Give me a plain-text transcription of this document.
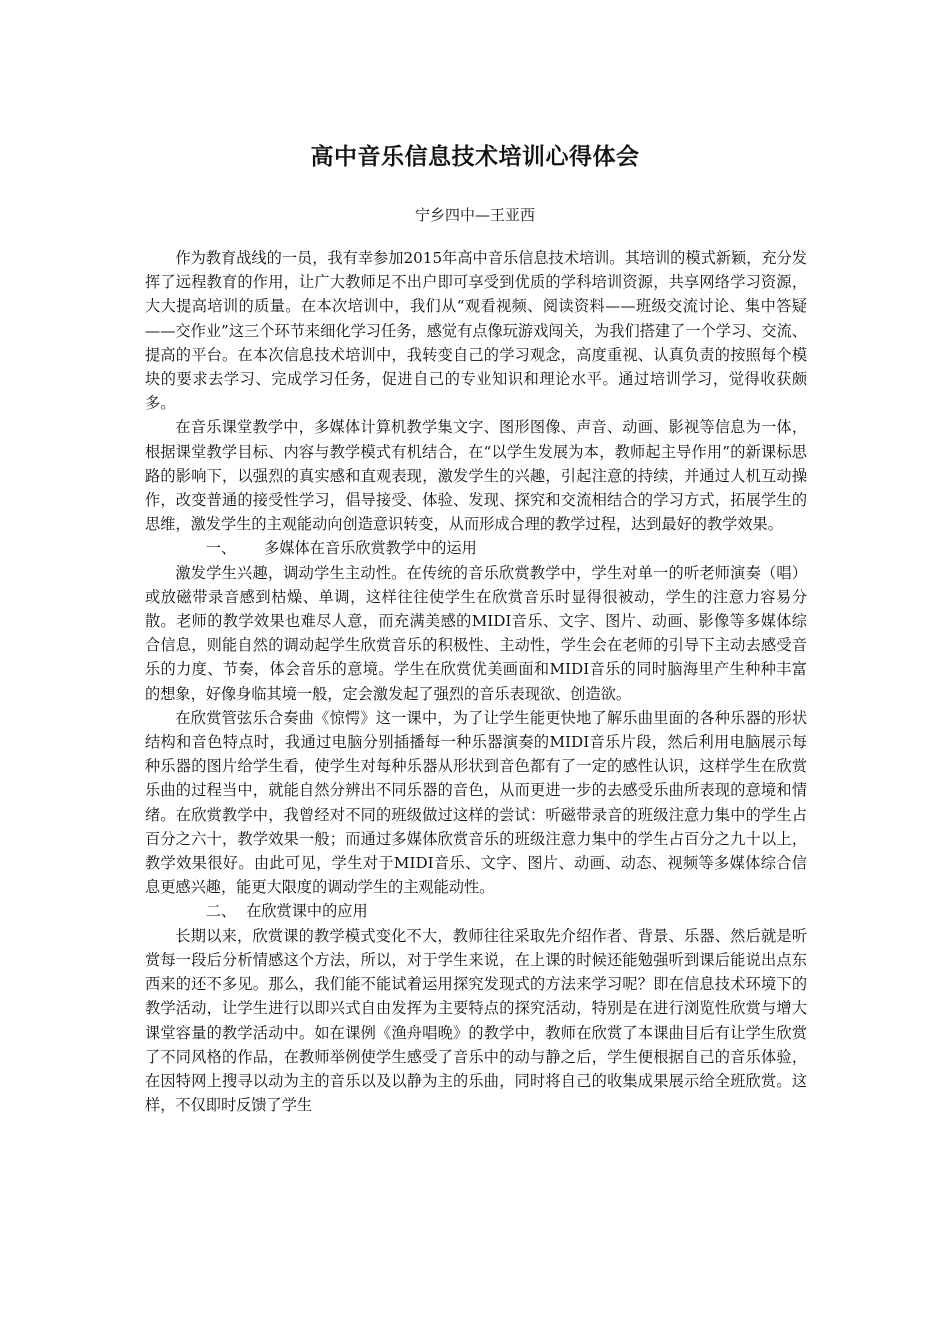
高中音乐信息技术培训心得体会
宁乡四中—王亚西

作为教育战线的一员，我有幸参加2015年高中音乐信息技术培训。其培训的模式新颖，充分发挥了远程教育的作用，让广大教师足不出户即可享受到优质的学科培训资源，共享网络学习资源，大大提高培训的质量。在本次培训中，我们从“观看视频、阅读资料——班级交流讨论、集中答疑——交作业”这三个环节来细化学习任务，感觉有点像玩游戏闯关，为我们搭建了一个学习、交流、提高的平台。在本次信息技术培训中，我转变自己的学习观念，高度重视、认真负责的按照每个模块的要求去学习、完成学习任务，促进自己的专业知识和理论水平。通过培训学习，觉得收获颇多。

在音乐课堂教学中，多媒体计算机教学集文字、图形图像、声音、动画、影视等信息为一体，根据课堂教学目标、内容与教学模式有机结合，在“以学生发展为本，教师起主导作用”的新课标思路的影响下，以强烈的真实感和直观表现，激发学生的兴趣，引起注意的持续，并通过人机互动操作，改变普通的接受性学习，倡导接受、体验、发现、探究和交流相结合的学习方式，拓展学生的思维，激发学生的主观能动向创造意识转变，从而形成合理的教学过程，达到最好的教学效果。

一、 多媒体在音乐欣赏教学中的运用

激发学生兴趣，调动学生主动性。在传统的音乐欣赏教学中，学生对单一的听老师演奏（唱）或放磁带录音感到枯燥、单调，这样往往使学生在欣赏音乐时显得很被动，学生的注意力容易分散。老师的教学效果也难尽人意，而充满美感的MIDI音乐、文字、图片、动画、影像等多媒体综合信息，则能自然的调动起学生欣赏音乐的积极性、主动性，学生会在老师的引导下主动去感受音乐的力度、节奏，体会音乐的意境。学生在欣赏优美画面和MIDI音乐的同时脑海里产生种种丰富的想象，好像身临其境一般，定会激发起了强烈的音乐表现欲、创造欲。

在欣赏管弦乐合奏曲《惊愕》这一课中，为了让学生能更快地了解乐曲里面的各种乐器的形状结构和音色特点时，我通过电脑分别插播每一种乐器演奏的MIDI音乐片段，然后利用电脑展示每种乐器的图片给学生看，使学生对每种乐器从形状到音色都有了一定的感性认识，这样学生在欣赏乐曲的过程当中，就能自然分辨出不同乐器的音色，从而更进一步的去感受乐曲所表现的意境和情绪。在欣赏教学中，我曾经对不同的班级做过这样的尝试：听磁带录音的班级注意力集中的学生占百分之六十，教学效果一般；而通过多媒体欣赏音乐的班级注意力集中的学生占百分之九十以上，教学效果很好。由此可见，学生对于MIDI音乐、文字、图片、动画、动态、视频等多媒体综合信息更感兴趣，能更大限度的调动学生的主观能动性。

二、 在欣赏课中的应用

长期以来，欣赏课的教学模式变化不大，教师往往采取先介绍作者、背景、乐器、然后就是听赏每一段后分析情感这个方法，所以，对于学生来说，在上课的时候还能勉强听到课后能说出点东西来的还不多见。那么，我们能不能试着运用探究发现式的方法来学习呢？即在信息技术环境下的教学活动，让学生进行以即兴式自由发挥为主要特点的探究活动，特别是在进行浏览性欣赏与增大课堂容量的教学活动中。如在课例《渔舟唱晚》的教学中，教师在欣赏了本课曲目后有让学生欣赏了不同风格的作品，在教师举例使学生感受了音乐中的动与静之后，学生便根据自己的音乐体验，在因特网上搜寻以动为主的音乐以及以静为主的乐曲，同时将自己的收集成果展示给全班欣赏。这样，不仅即时反馈了学生
